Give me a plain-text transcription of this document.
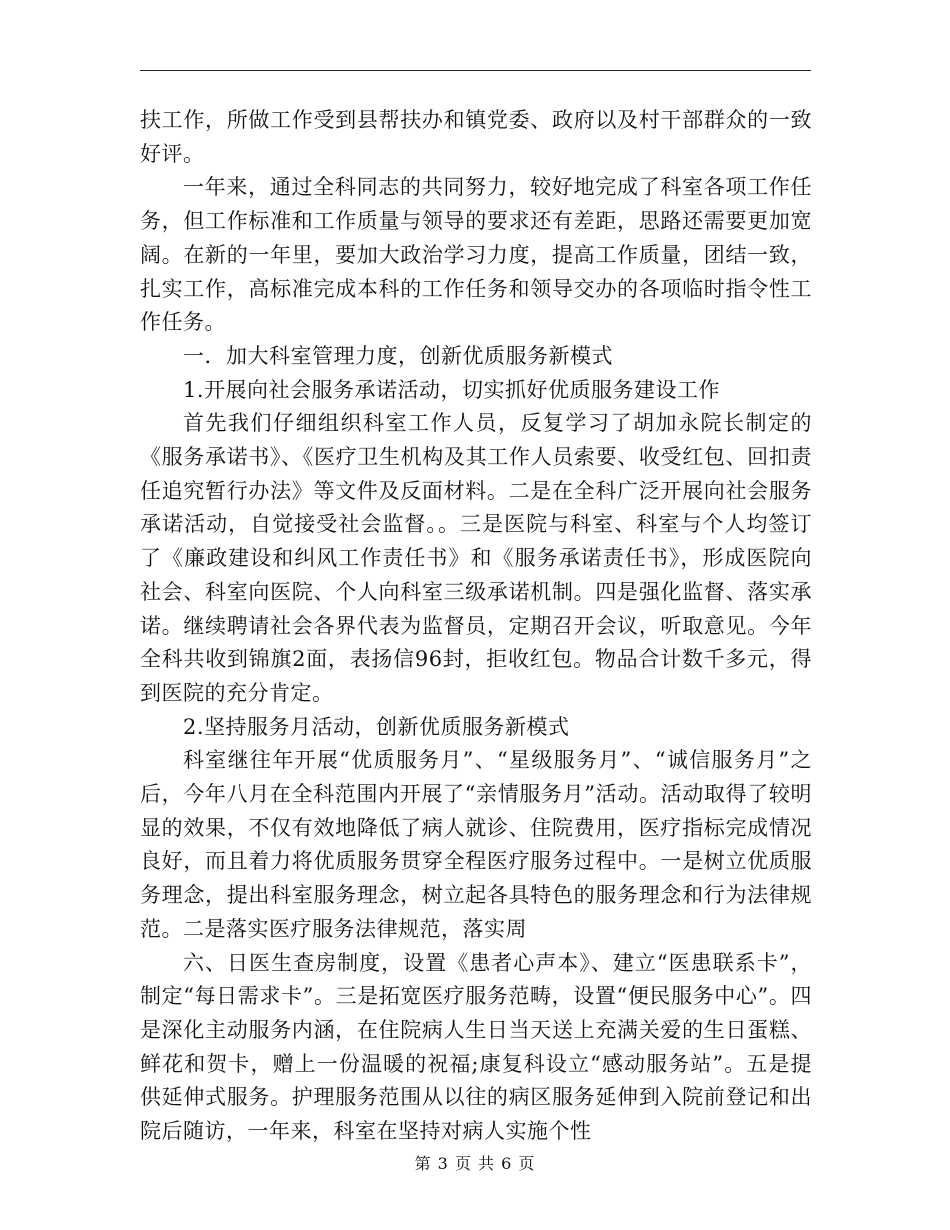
扶工作，所做工作受到县帮扶办和镇党委、政府以及村干部群众的一致好评。

一年来，通过全科同志的共同努力，较好地完成了科室各项工作任务，但工作标准和工作质量与领导的要求还有差距，思路还需要更加宽阔。在新的一年里，要加大政治学习力度，提高工作质量，团结一致，扎实工作，高标准完成本科的工作任务和领导交办的各项临时指令性工作任务。

一．加大科室管理力度，创新优质服务新模式

1.开展向社会服务承诺活动，切实抓好优质服务建设工作

首先我们仔细组织科室工作人员，反复学习了胡加永院长制定的《服务承诺书》、《医疗卫生机构及其工作人员索要、收受红包、回扣责任追究暂行办法》等文件及反面材料。二是在全科广泛开展向社会服务承诺活动，自觉接受社会监督。。三是医院与科室、科室与个人均签订了《廉政建设和纠风工作责任书》和《服务承诺责任书》，形成医院向社会、科室向医院、个人向科室三级承诺机制。四是强化监督、落实承诺。继续聘请社会各界代表为监督员，定期召开会议，听取意见。今年全科共收到锦旗2面，表扬信96封，拒收红包。物品合计数千多元，得到医院的充分肯定。

2.坚持服务月活动，创新优质服务新模式

科室继往年开展“优质服务月”、“星级服务月”、“诚信服务月”之后，今年八月在全科范围内开展了“亲情服务月”活动。活动取得了较明显的效果，不仅有效地降低了病人就诊、住院费用，医疗指标完成情况良好，而且着力将优质服务贯穿全程医疗服务过程中。一是树立优质服务理念，提出科室服务理念，树立起各具特色的服务理念和行为法律规范。二是落实医疗服务法律规范，落实周

六、日医生查房制度，设置《患者心声本》、建立“医患联系卡”，制定“每日需求卡”。三是拓宽医疗服务范畴，设置“便民服务中心”。四是深化主动服务内涵，在住院病人生日当天送上充满关爱的生日蛋糕、鲜花和贺卡，赠上一份温暖的祝福;康复科设立“感动服务站”。五是提供延伸式服务。护理服务范围从以往的病区服务延伸到入院前登记和出院后随访，一年来，科室在坚持对病人实施个性

第 3 页 共 6 页
